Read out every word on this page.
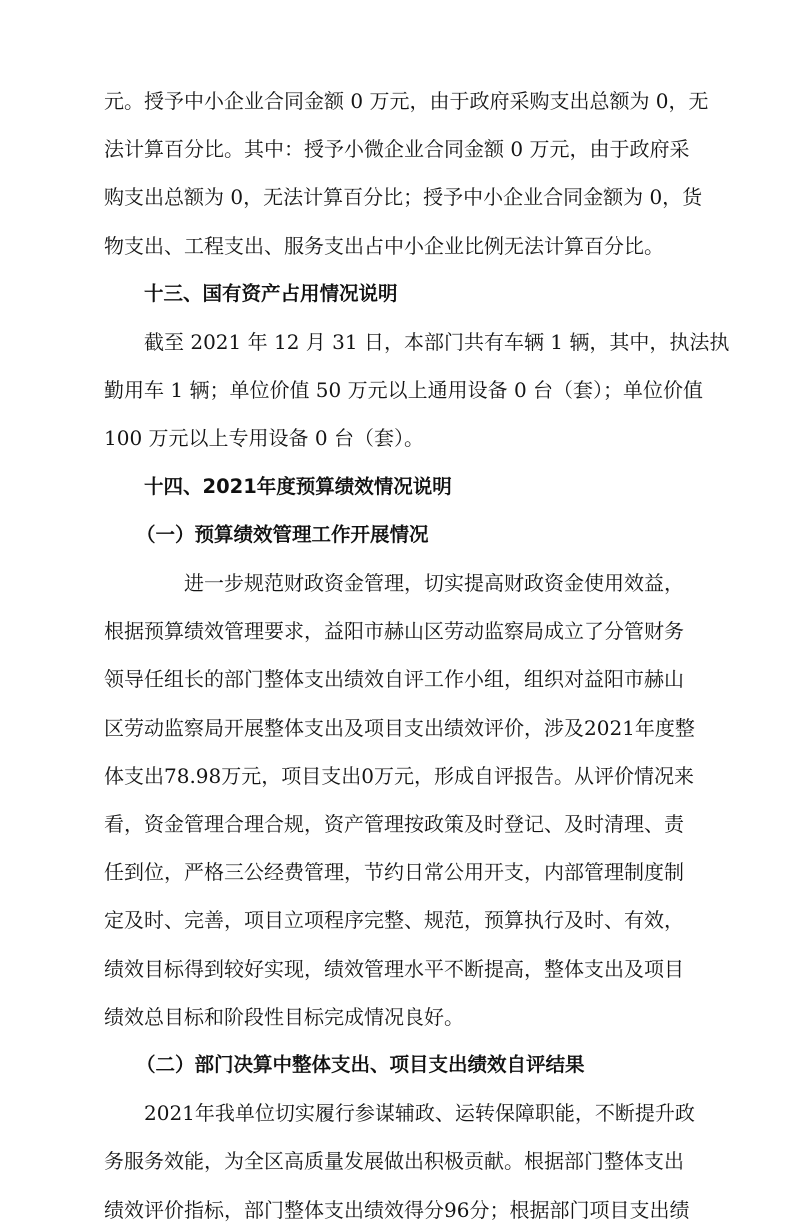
元。授予中小企业合同金额 0 万元，由于政府采购支出总额为 0，无
法计算百分比。其中：授予小微企业合同金额 0 万元，由于政府采
购支出总额为 0，无法计算百分比；授予中小企业合同金额为 0，货
物支出、工程支出、服务支出占中小企业比例无法计算百分比。
十三、国有资产占用情况说明
截至 2021 年 12 月 31 日，本部门共有车辆 1 辆，其中，执法执
勤用车 1 辆；单位价值 50 万元以上通用设备 0 台（套）；单位价值
100 万元以上专用设备 0 台（套）。
十四、2021年度预算绩效情况说明
（一）预算绩效管理工作开展情况
进一步规范财政资金管理，切实提高财政资金使用效益，
根据预算绩效管理要求，益阳市赫山区劳动监察局成立了分管财务
领导任组长的部门整体支出绩效自评工作小组，组织对益阳市赫山
区劳动监察局开展整体支出及项目支出绩效评价，涉及2021年度整
体支出78.98万元，项目支出0万元，形成自评报告。从评价情况来
看，资金管理合理合规，资产管理按政策及时登记、及时清理、责
任到位，严格三公经费管理，节约日常公用开支，内部管理制度制
定及时、完善，项目立项程序完整、规范，预算执行及时、有效，
绩效目标得到较好实现，绩效管理水平不断提高，整体支出及项目
绩效总目标和阶段性目标完成情况良好。
（二）部门决算中整体支出、项目支出绩效自评结果
2021年我单位切实履行参谋辅政、运转保障职能，不断提升政
务服务效能，为全区高质量发展做出积极贡献。根据部门整体支出
绩效评价指标，部门整体支出绩效得分96分；根据部门项目支出绩
